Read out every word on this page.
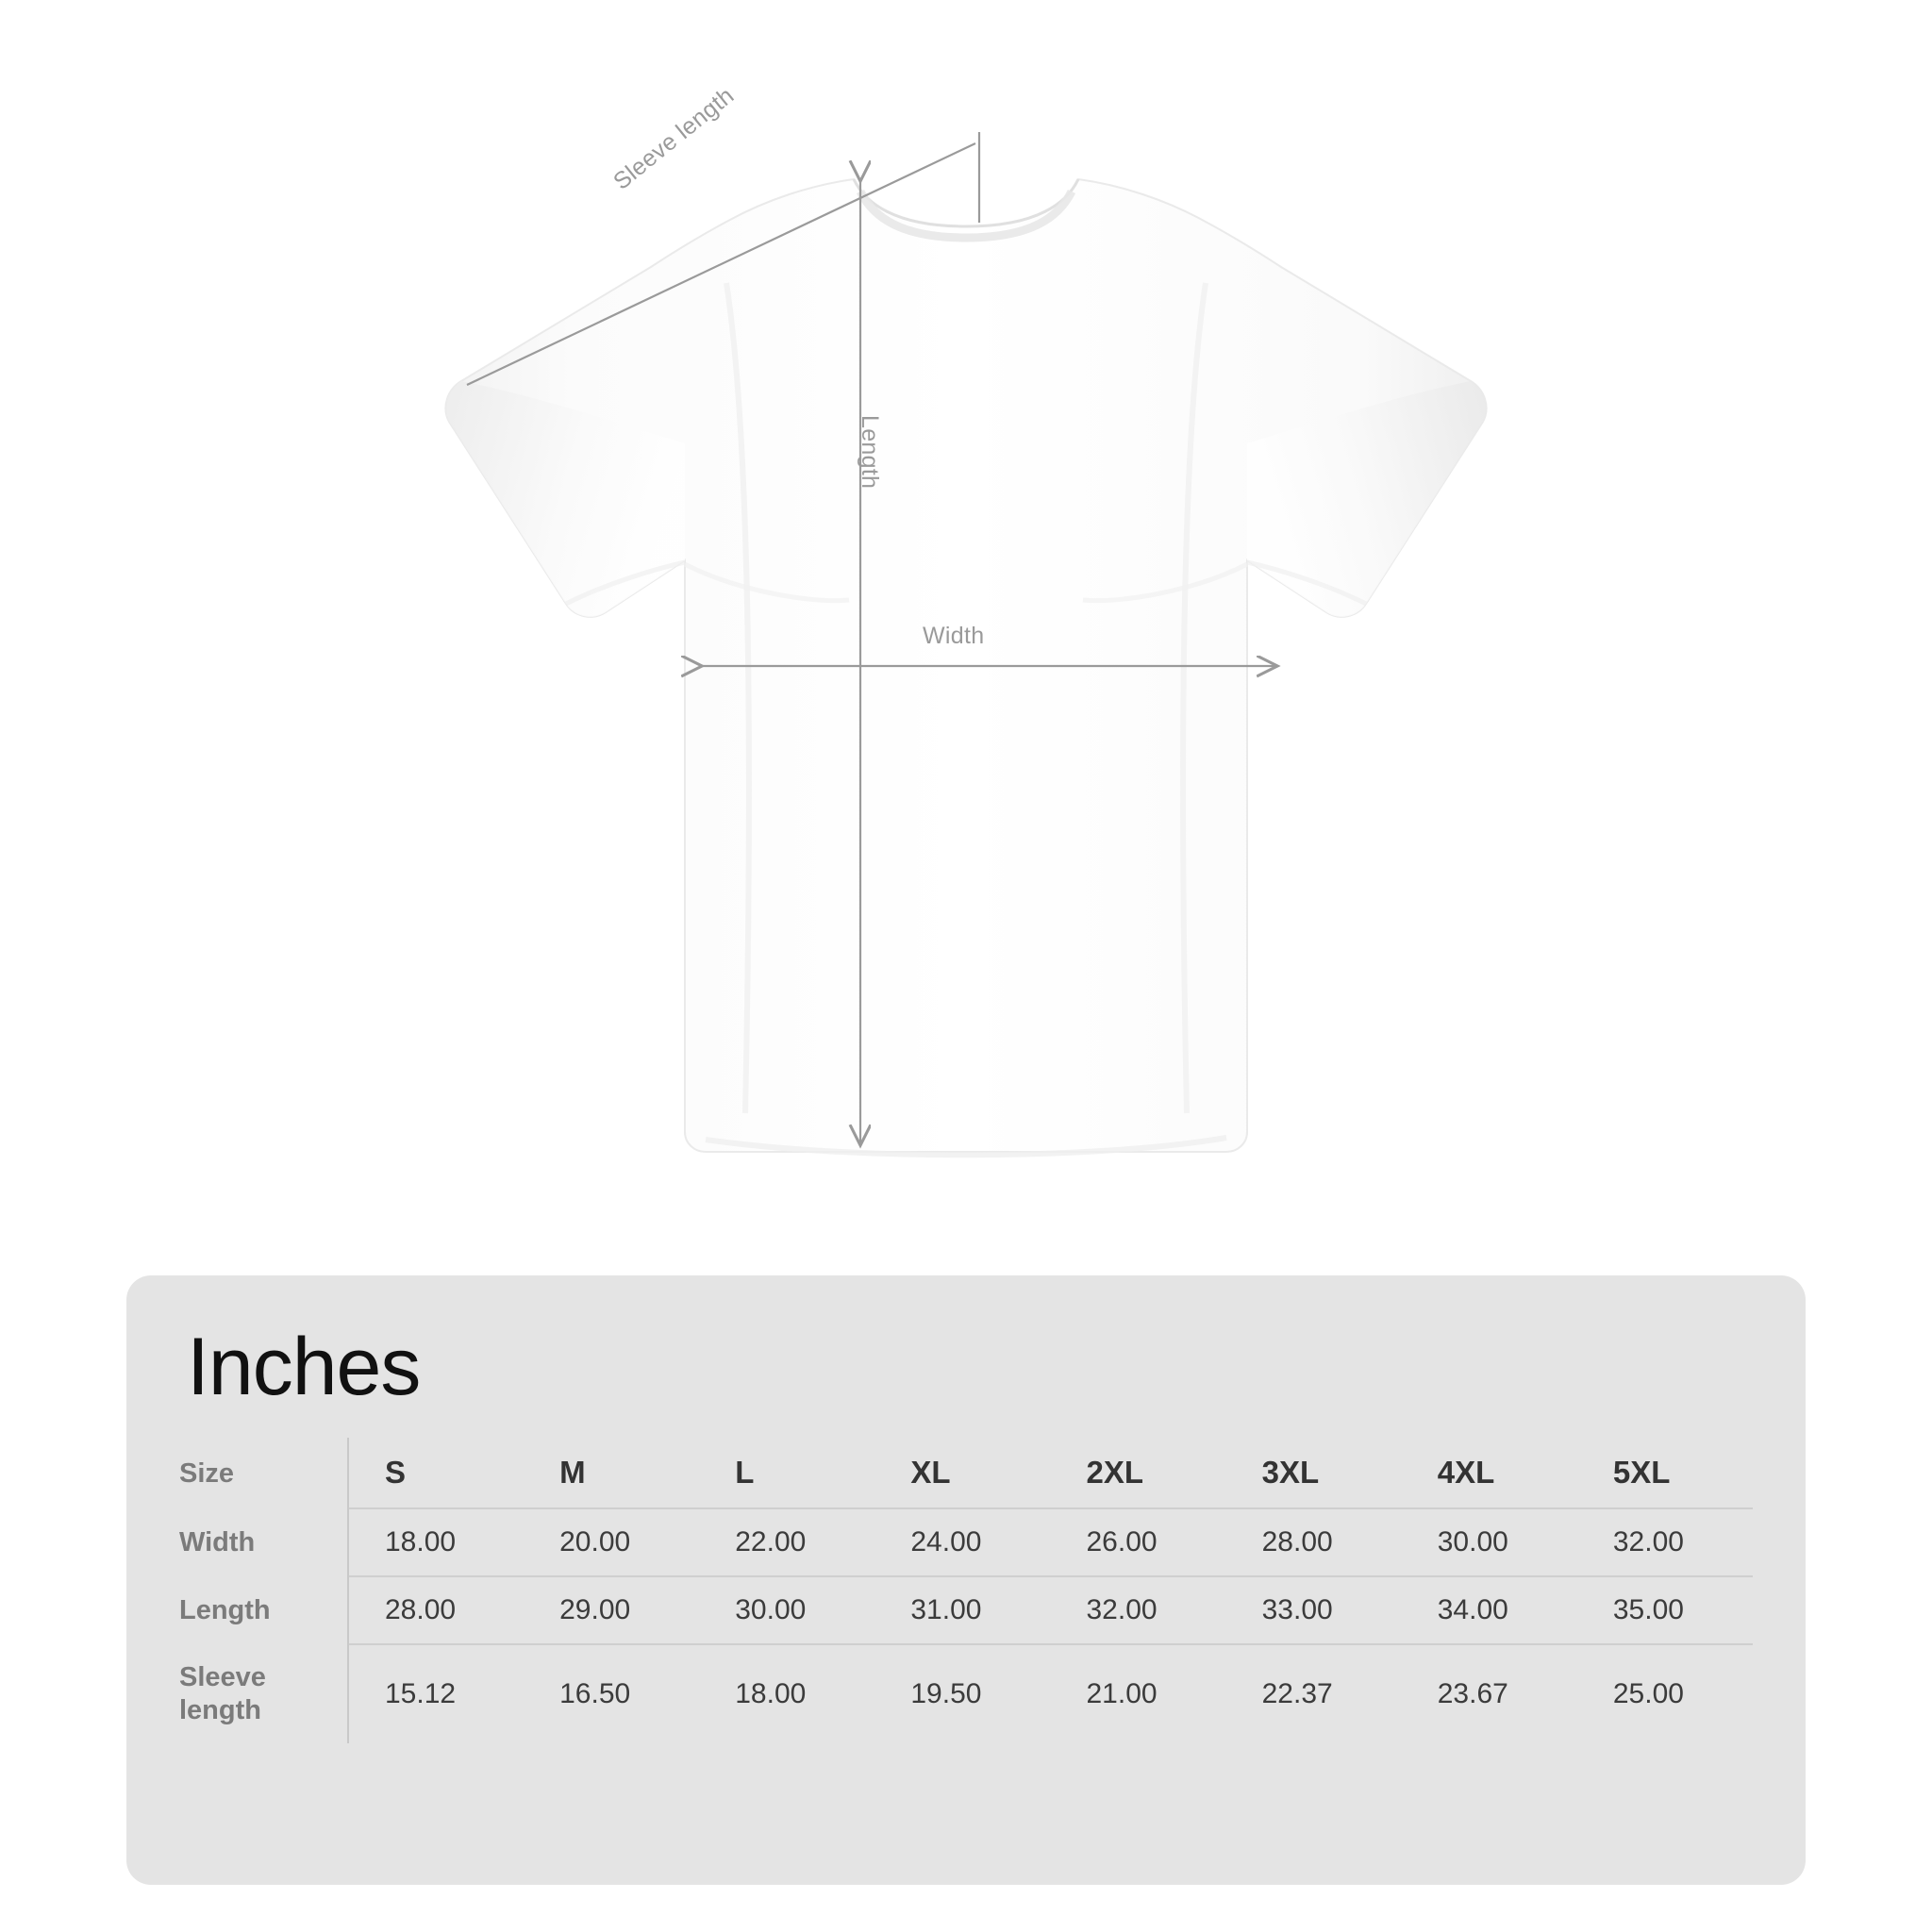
Sleeve length
Length
Width
Inches
Size	S	M	L	XL	2XL	3XL	4XL	5XL
Width	18.00	20.00	22.00	24.00	26.00	28.00	30.00	32.00
Length	28.00	29.00	30.00	31.00	32.00	33.00	34.00	35.00
Sleeve length	15.12	16.50	18.00	19.50	21.00	22.37	23.67	25.00
